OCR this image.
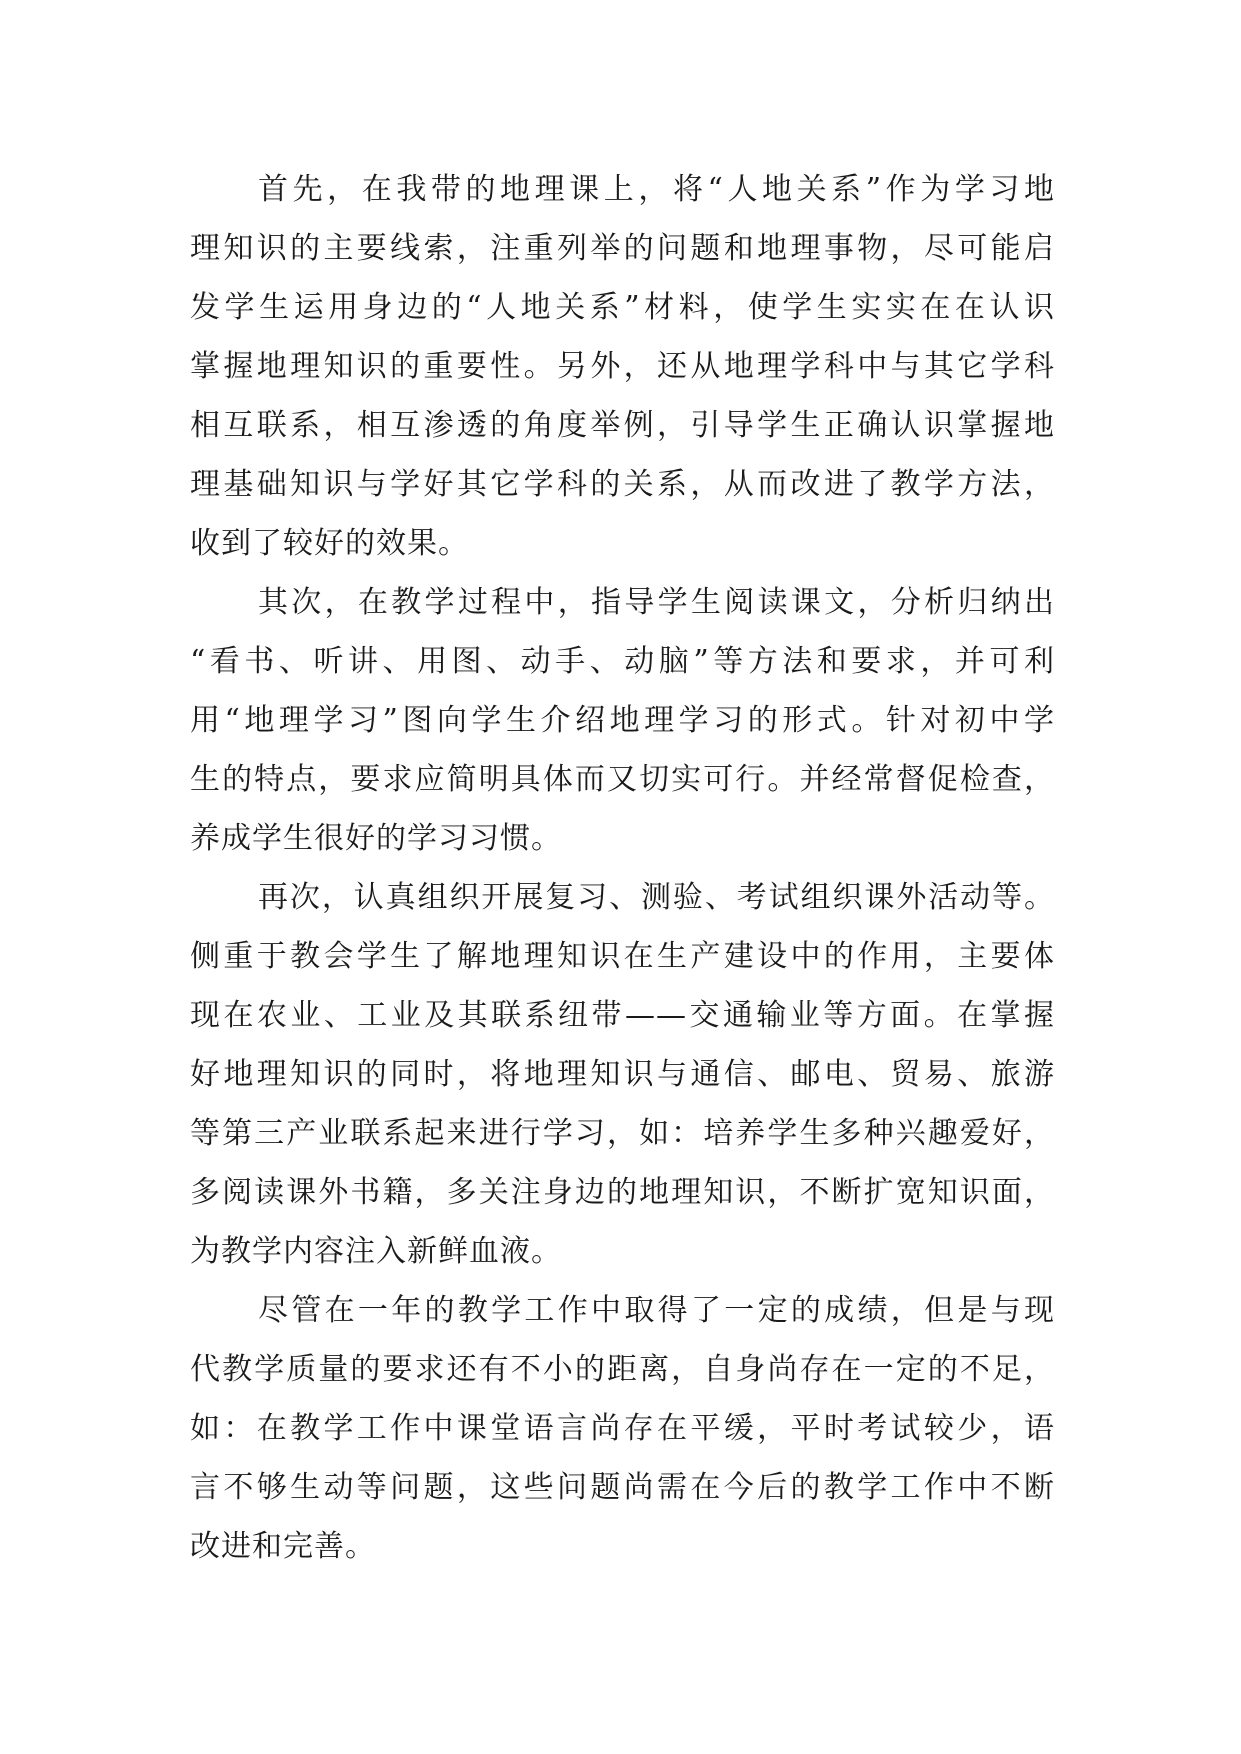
首先，在我带的地理课上，将“人地关系”作为学习地
理知识的主要线索，注重列举的问题和地理事物，尽可能启
发学生运用身边的“人地关系”材料，使学生实实在在认识
掌握地理知识的重要性。另外，还从地理学科中与其它学科
相互联系，相互渗透的角度举例，引导学生正确认识掌握地
理基础知识与学好其它学科的关系，从而改进了教学方法，
收到了较好的效果。
其次，在教学过程中，指导学生阅读课文，分析归纳出
“看书、听讲、用图、动手、动脑”等方法和要求，并可利
用“地理学习”图向学生介绍地理学习的形式。针对初中学
生的特点，要求应简明具体而又切实可行。并经常督促检查，
养成学生很好的学习习惯。
再次，认真组织开展复习、测验、考试组织课外活动等。
侧重于教会学生了解地理知识在生产建设中的作用，主要体
现在农业、工业及其联系纽带——交通输业等方面。在掌握
好地理知识的同时，将地理知识与通信、邮电、贸易、旅游
等第三产业联系起来进行学习，如：培养学生多种兴趣爱好，
多阅读课外书籍，多关注身边的地理知识，不断扩宽知识面，
为教学内容注入新鲜血液。
尽管在一年的教学工作中取得了一定的成绩，但是与现
代教学质量的要求还有不小的距离，自身尚存在一定的不足，
如：在教学工作中课堂语言尚存在平缓，平时考试较少，语
言不够生动等问题，这些问题尚需在今后的教学工作中不断
改进和完善。
